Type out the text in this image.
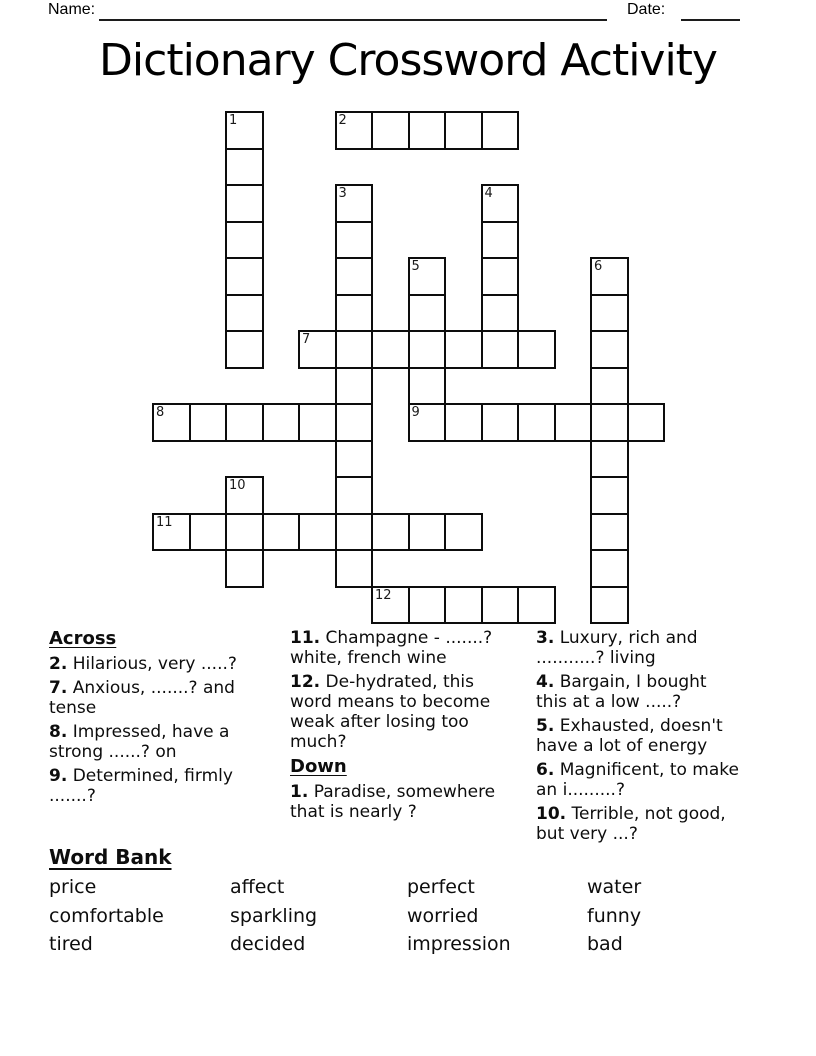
Name:	Date:
Dictionary Crossword Activity
1	2
3	4
5
9
6
7
8
10
11
12
Across

2. Hilarious, very .....?

7. Anxious, .......? and tense

8. Impressed, have a strong ......? on

9. Determined, firmly .......?

11. Champagne - .......? white, french wine

12. De-hydrated, this word means to become weak after losing too much?

Down

1. Paradise, somewhere that is nearly ?

3. Luxury, rich and ...........? living

4. Bargain, I bought this at a low .....?

5. Exhausted, doesn't have a lot of energy

6. Magnificent, to make an i.........?

10. Terrible, not good, but very ...?

Word Bank
price	affect	perfect	water
comfortable	sparkling	worried	funny
tired	decided	impression	bad
